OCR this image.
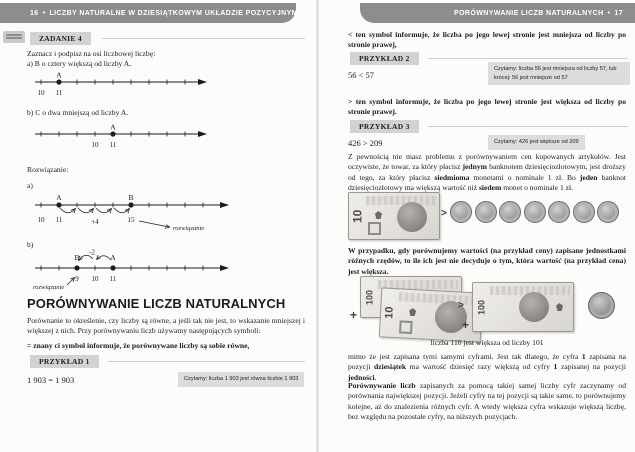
16 • LICZBY NATURALNE W DZIESIĄTKOWYM UKŁADZIE POZYCYJNYM	PORÓWNYWANIE LICZB NATURALNYCH • 17
ZADANIE 4
Zaznacz i podpisz na osi liczbowej liczbę:
a) B o cztery większą od liczby A,
A
10 11
b) C o dwa mniejszą od liczby A.
A
10 11
Rozwiązanie:
a)
A	B
10 11	+4	15
rozwiązanie
b)
B	A
-2
9 10 11
rozwiązanie
PORÓWNYWANIE LICZB NATURALNYCH
Porównanie to określenie, czy liczby są równe, a jeśli tak nie jest, to wskazanie mniejszej i większej z nich. Przy porównywaniu liczb używamy następujących symboli:
= znany ci symbol informuje, że porównywane liczby są sobie równe,
PRZYKŁAD 1
1 903 = 1 903	Czytamy: liczba 1 903 jest równa liczbie 1 903
< ten symbol informuje, że liczba po jego lewej stronie jest mniejsza od liczby po stronie prawej,
PRZYKŁAD 2
56 < 57
Czytamy: liczba 56 jest mniejsza od liczby 57, lub krócej: 56 jest mniejsze od 57
> ten symbol informuje, że liczba po jego lewej stronie jest większa od liczby po stronie prawej.
PRZYKŁAD 3
426 > 209	Czytamy: 426 jest większe od 209
Z pewnością nie masz problemu z porównywaniem cen kupowanych artykułów. Jest oczywiste, że towar, za który płacisz jednym banknotem dziesięciozłotowym, jest droższy od tego, za który płacisz siedmioma monetami o nominale 1 zł. Bo jeden banknot dziesięciozłotowy ma większą wartość niż siedem monet o nominale 1 zł.
10	>
W przypadku, gdy porównujemy wartości (na przykład ceny) zapisane jednostkami różnych rzędów, to ile ich jest nie decyduje o tym, która wartość (na przykład cena) jest większa.
100
+ 10
> 100
+
liczba 110 jest większa od liczby 101
mimo że jest zapisana tymi samymi cyframi. Jest tak dlatego, że cyfra 1 zapisana na pozycji dziesiątek ma wartość dziesięć razy większą od cyfry 1 zapisanej na pozycji jedności.
Porównywanie liczb zapisanych za pomocą takiej samej liczby cyfr zaczynamy od porównania największej pozycji. Jeżeli cyfry na tej pozycji są takie same, to porównujemy kolejne, aż do znalezienia różnych cyfr. A wtedy większa cyfra wskazuje większą liczbę, bez względu na pozostałe cyfry, na niższych pozycjach.
